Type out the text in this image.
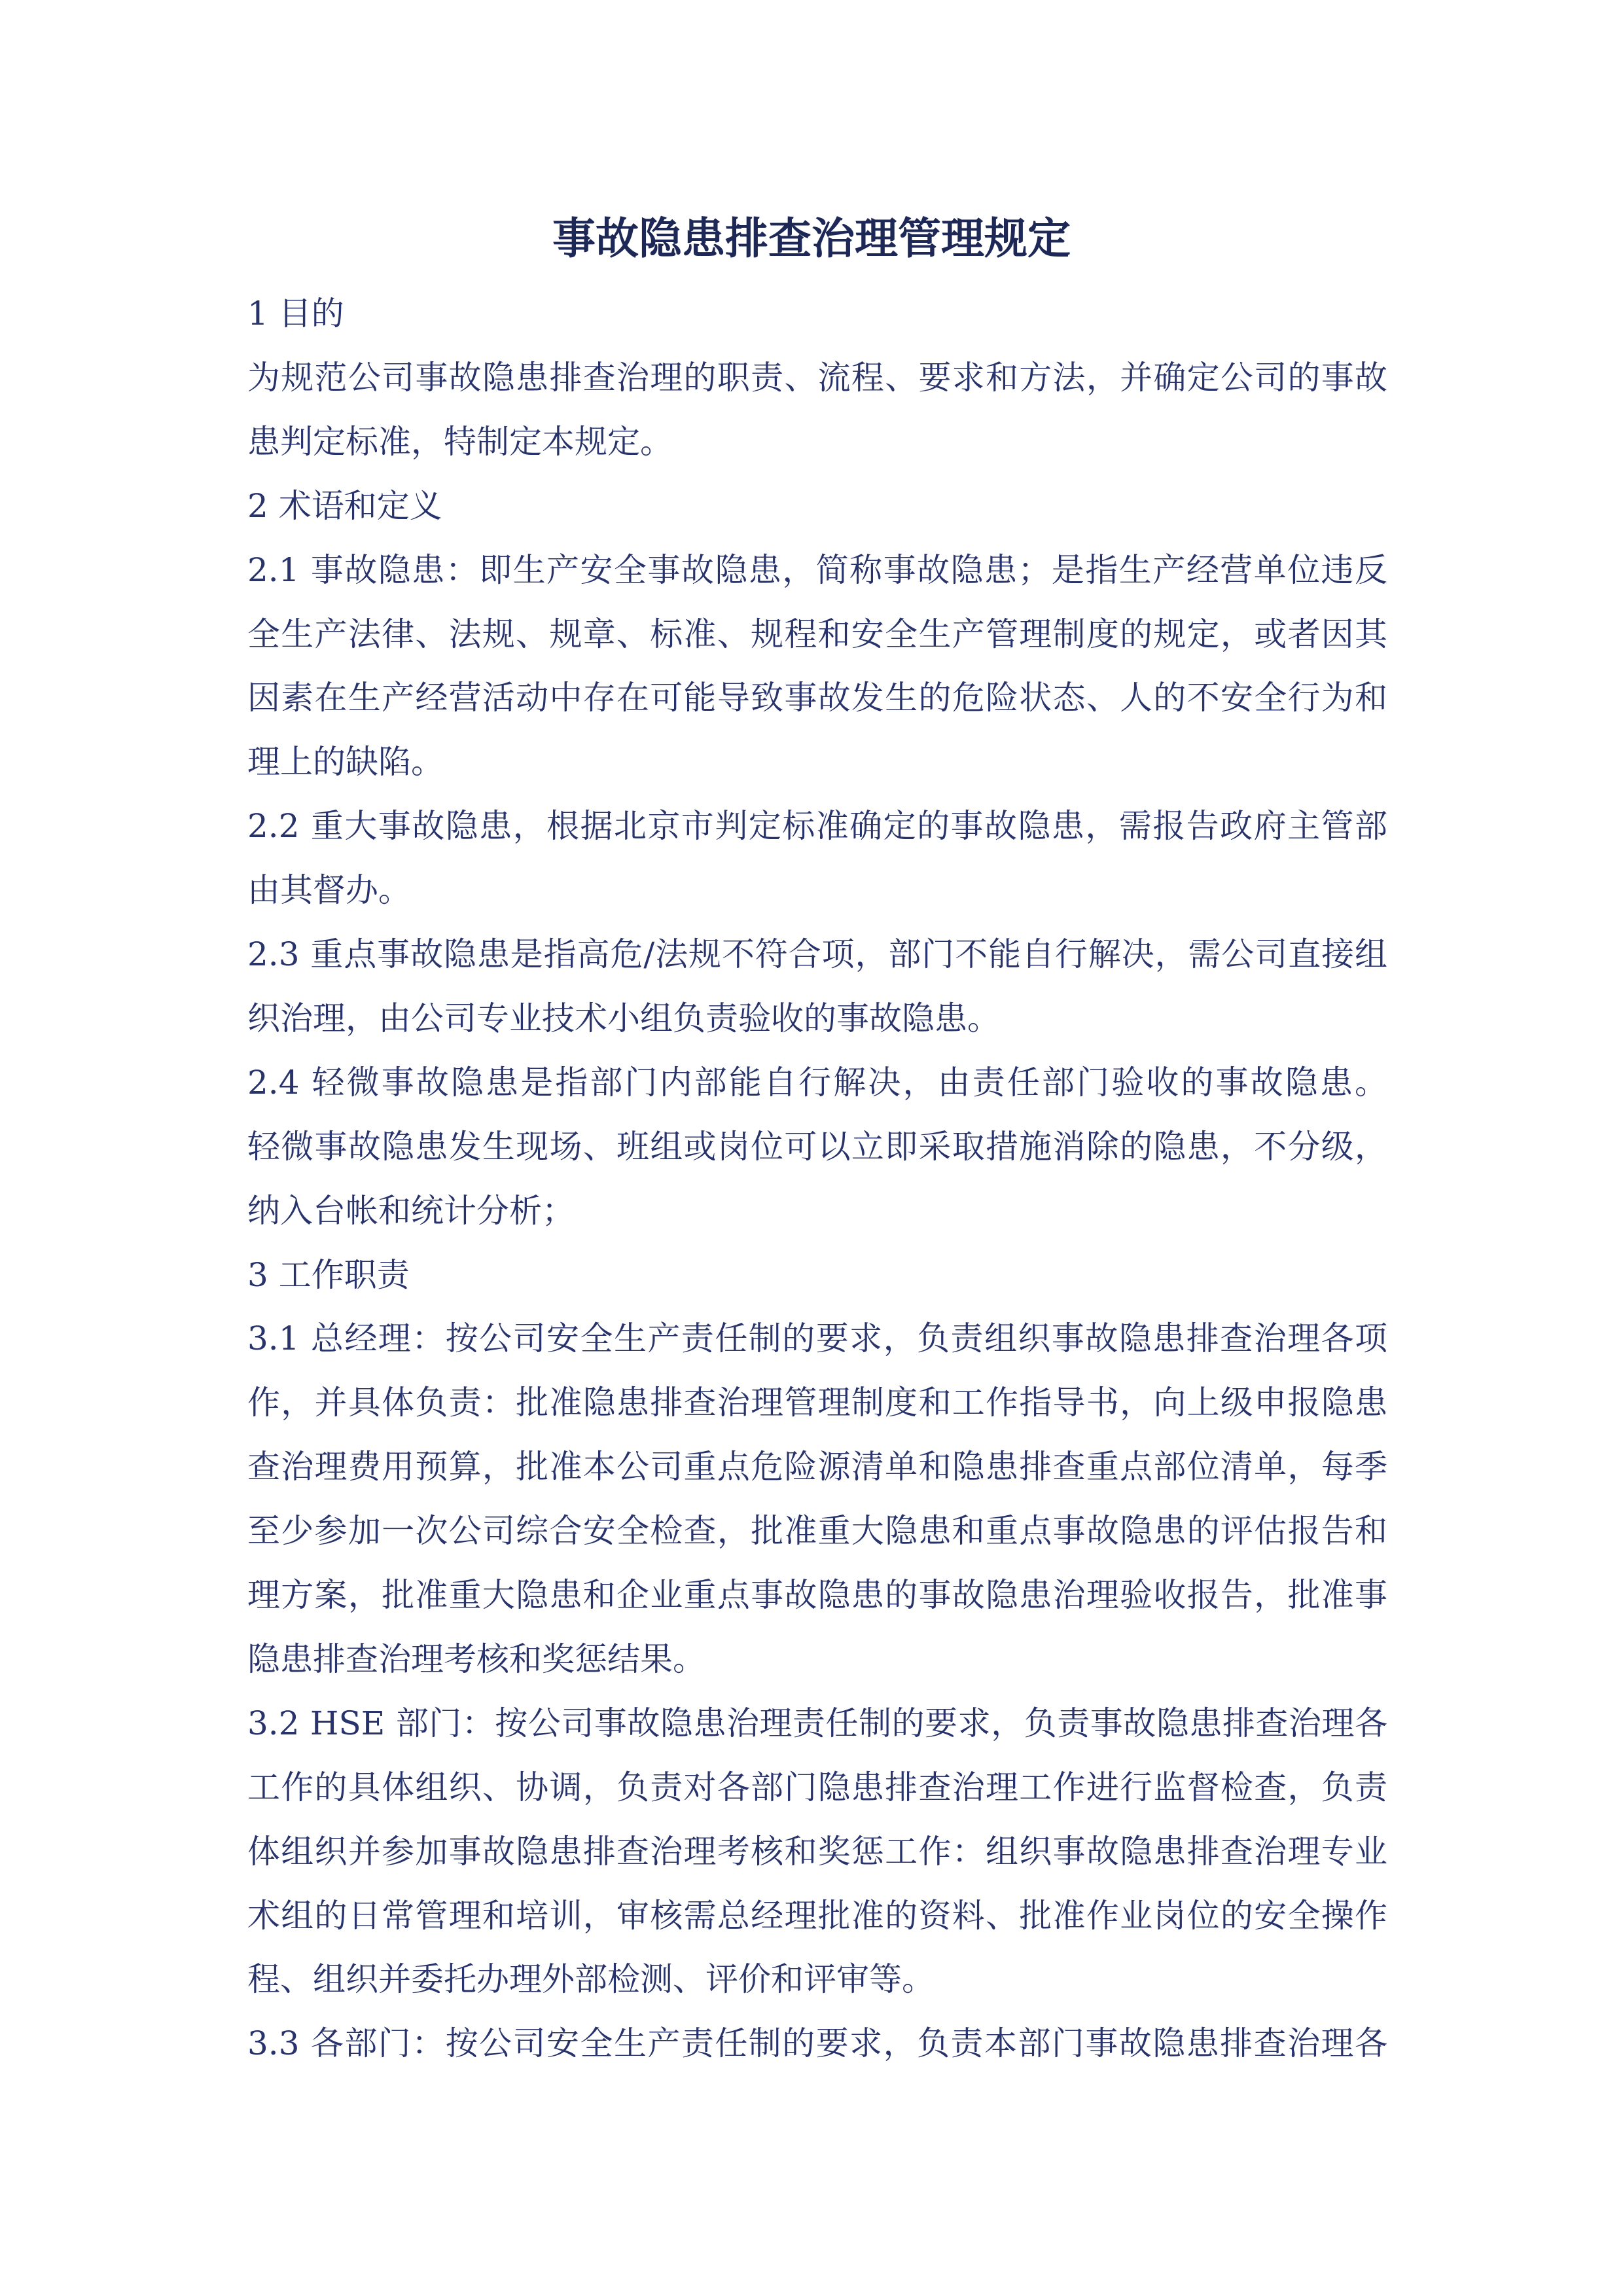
事故隐患排查治理管理规定
1 目的
为规范公司事故隐患排查治理的职责、流程、要求和方法，并确定公司的事故
患判定标准，特制定本规定。
2 术语和定义
2.1 事故隐患：即生产安全事故隐患，简称事故隐患；是指生产经营单位违反
全生产法律、法规、规章、标准、规程和安全生产管理制度的规定，或者因其
因素在生产经营活动中存在可能导致事故发生的危险状态、人的不安全行为和
理上的缺陷。
2.2 重大事故隐患，根据北京市判定标准确定的事故隐患，需报告政府主管部
由其督办。
2.3 重点事故隐患是指高危/法规不符合项，部门不能自行解决，需公司直接组
织治理，由公司专业技术小组负责验收的事故隐患。
2.4 轻微事故隐患是指部门内部能自行解决，由责任部门验收的事故隐患。
轻微事故隐患发生现场、班组或岗位可以立即采取措施消除的隐患，不分级，
纳入台帐和统计分析；
3 工作职责
3.1 总经理：按公司安全生产责任制的要求，负责组织事故隐患排查治理各项
作，并具体负责：批准隐患排查治理管理制度和工作指导书，向上级申报隐患
查治理费用预算，批准本公司重点危险源清单和隐患排查重点部位清单，每季
至少参加一次公司综合安全检查，批准重大隐患和重点事故隐患的评估报告和
理方案，批准重大隐患和企业重点事故隐患的事故隐患治理验收报告，批准事
隐患排查治理考核和奖惩结果。
3.2 HSE 部门：按公司事故隐患治理责任制的要求，负责事故隐患排查治理各
工作的具体组织、协调，负责对各部门隐患排查治理工作进行监督检查，负责
体组织并参加事故隐患排查治理考核和奖惩工作：组织事故隐患排查治理专业
术组的日常管理和培训，审核需总经理批准的资料、批准作业岗位的安全操作
程、组织并委托办理外部检测、评价和评审等。
3.3 各部门：按公司安全生产责任制的要求，负责本部门事故隐患排查治理各
